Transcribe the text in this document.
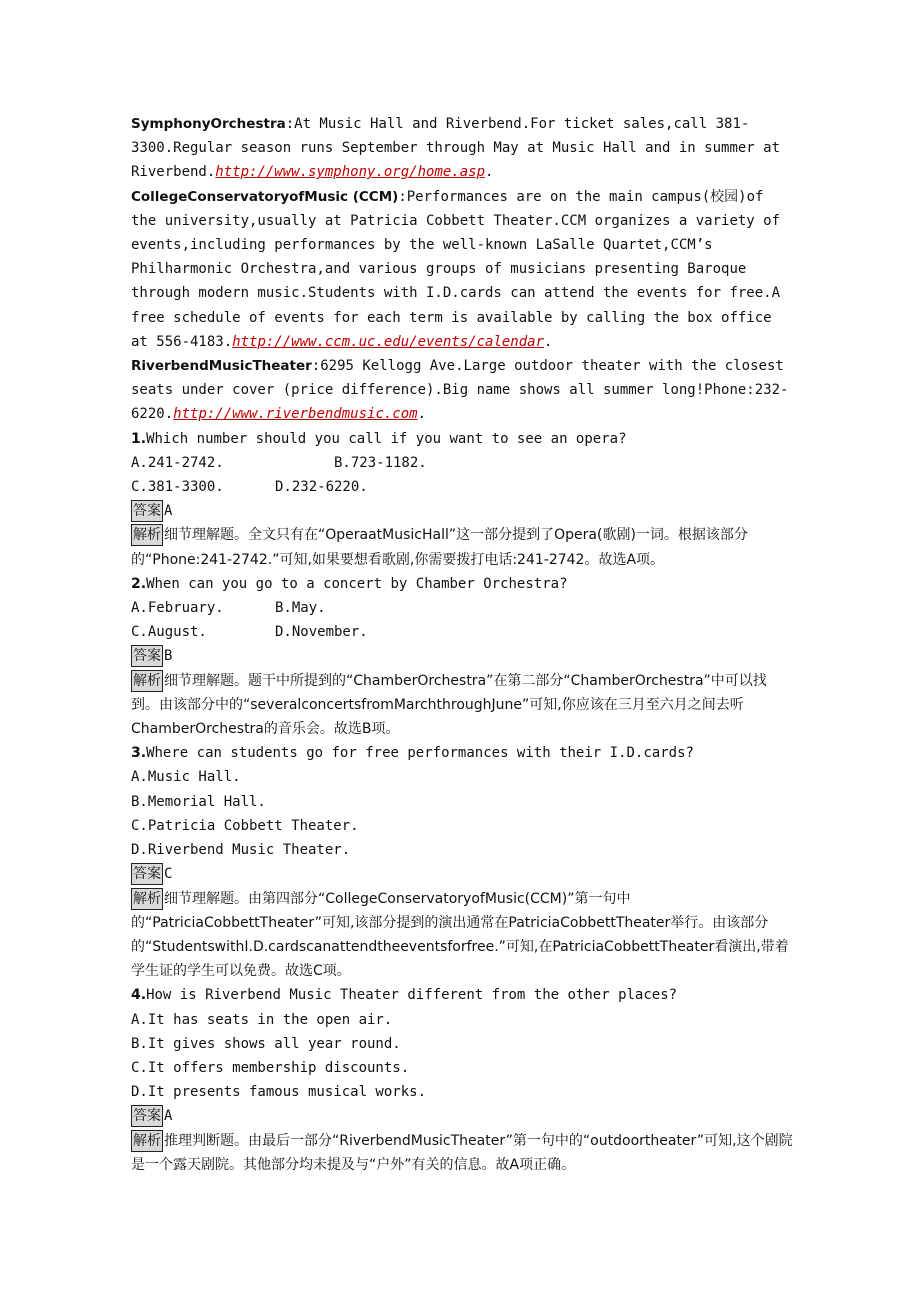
SymphonyOrchestra:At Music Hall and Riverbend.For ticket sales,call 381-3300.Regular season runs September through May at Music Hall and in summer at Riverbend.http://www.symphony.org/home.asp.

CollegeConservatoryofMusic (CCM):Performances are on the main campus(校园)of the university,usually at Patricia Cobbett Theater.CCM organizes a variety of events,including performances by the well-known LaSalle Quartet,CCM’s Philharmonic Orchestra,and various groups of musicians presenting Baroque through modern music.Students with I.D.cards can attend the events for free.A free schedule of events for each term is available by calling the box office at 556-4183.http://www.ccm.uc.edu/events/calendar.

RiverbendMusicTheater:6295 Kellogg Ave.Large outdoor theater with the closest seats under cover (price difference).Big name shows all summer long!Phone:232-6220.http://www.riverbendmusic.com.

1.Which number should you call if you want to see an opera?
A.241-2742.	B.723-1182.
C.381-3300.	D.232-6220.
答案 A
解析 细节理解题。全文只有在“OperaatMusicHall”这一部分提到了Opera(歌剧)一词。根据该部分的“Phone:241-2742.”可知,如果要想看歌剧,你需要拨打电话:241-2742。故选A项。
2.When can you go to a concert by Chamber Orchestra?
A.February.	B.May.
C.August.	D.November.
答案 B
解析 细节理解题。题干中所提到的“ChamberOrchestra”在第二部分“ChamberOrchestra”中可以找到。由该部分中的“severalconcertsfromMarchthroughJune”可知,你应该在三月至六月之间去听ChamberOrchestra的音乐会。故选B项。
3.Where can students go for free performances with their I.D.cards?
A.Music Hall.
B.Memorial Hall.
C.Patricia Cobbett Theater.
D.Riverbend Music Theater.
答案 C
解析 细节理解题。由第四部分“CollegeConservatoryofMusic(CCM)”第一句中的“PatriciaCobbettTheater”可知,该部分提到的演出通常在PatriciaCobbettTheater举行。由该部分的“StudentswithI.D.cardscanattendtheeventsforfree.”可知,在PatriciaCobbettTheater看演出,带着学生证的学生可以免费。故选C项。
4.How is Riverbend Music Theater different from the other places?
A.It has seats in the open air.
B.It gives shows all year round.
C.It offers membership discounts.
D.It presents famous musical works.
答案 A
解析 推理判断题。由最后一部分“RiverbendMusicTheater”第一句中的“outdoortheater”可知,这个剧院是一个露天剧院。其他部分均未提及与“户外”有关的信息。故A项正确。
